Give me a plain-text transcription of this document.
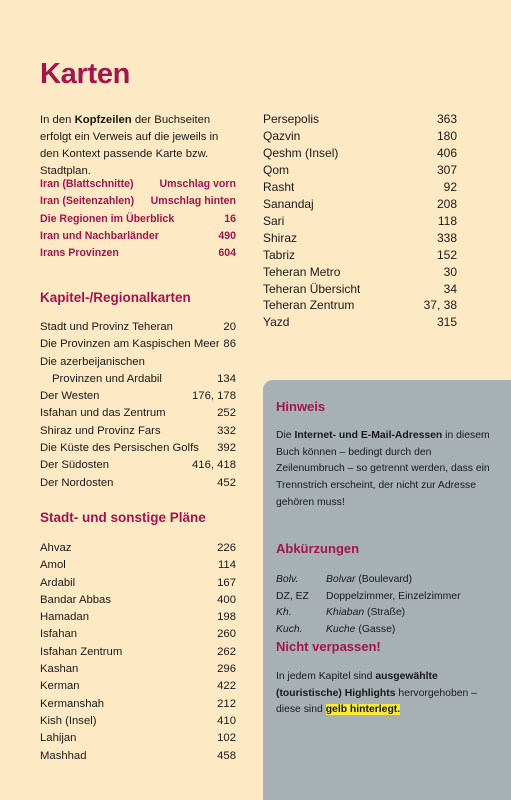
Karten

In den Kopfzeilen der Buchseiten erfolgt ein Verweis auf die jeweils in den Kontext passende Karte bzw. Stadtplan.

Iran (Blattschnitte)	Umschlag vorn
Iran (Seitenzahlen)	Umschlag hinten
Die Regionen im Überblick	16
Iran und Nachbarländer	490
Irans Provinzen	604
Kapitel-/Regionalkarten
Stadt und Provinz Teheran	20
Die Provinzen am Kaspischen Meer 86
Die azerbeijanischen
Provinzen und Ardabil	134
Der Westen	176, 178
Isfahan und das Zentrum	252
Shiraz und Provinz Fars	332
Die Küste des Persischen Golfs	392
Der Südosten	416, 418
Der Nordosten	452
Stadt- und sonstige Pläne
Ahvaz	226
Amol	114
Ardabil	167
Bandar Abbas	400
Hamadan	198
Isfahan	260
Isfahan Zentrum	262
Kashan	296
Kerman	422
Kermanshah	212
Kish (Insel)	410
Lahijan	102
Mashhad	458
Persepolis	363
Qazvin	180
Qeshm (Insel)	406
Qom	307
Rasht	92
Sanandaj	208
Sari	118
Shiraz	338
Tabriz	152
Teheran Metro	30
Teheran Übersicht	34
Teheran Zentrum	37, 38
Yazd	315
Hinweis

Die Internet- und E-Mail-Adressen in diesem Buch können – bedingt durch den Zeilenumbruch – so getrennt werden, dass ein Trennstrich erscheint, der nicht zur Adresse gehören muss!

Abkürzungen
Bolv.	Bolvar (Boulevard)
DZ, EZ	Doppelzimmer, Einzelzimmer
Kh.	Khiaban (Straße)
Kuch.	Kuche (Gasse)
Nicht verpassen!

In jedem Kapitel sind ausgewählte (touristische) Highlights hervorgehoben – diese sind gelb hinterlegt.
